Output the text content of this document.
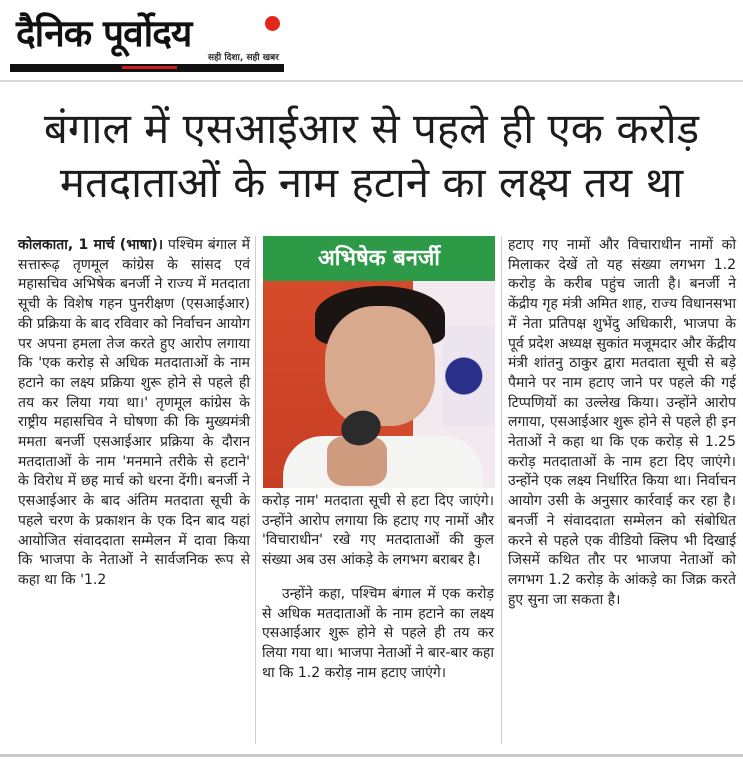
दैनिक पूर्वोदय
सही दिशा, सही खबर
बंगाल में एसआईआर से पहले ही एक करोड़
मतदाताओं के नाम हटाने का लक्ष्य तय था

कोलकाता, 1 मार्च (भाषा)। पश्चिम बंगाल में सत्तारूढ़ तृणमूल कांग्रेस के सांसद एवं महासचिव अभिषेक बनर्जी ने राज्य में मतदाता सूची के विशेष गहन पुनरीक्षण (एसआईआर) की प्रक्रिया के बाद रविवार को निर्वाचन आयोग पर अपना हमला तेज करते हुए आरोप लगाया कि 'एक करोड़ से अधिक मतदाताओं के नाम हटाने का लक्ष्य प्रक्रिया शुरू होने से पहले ही तय कर लिया गया था।' तृणमूल कांग्रेस के राष्ट्रीय महासचिव ने घोषणा की कि मुख्यमंत्री ममता बनर्जी एसआईआर प्रक्रिया के दौरान मतदाताओं के नाम 'मनमाने तरीके से हटाने' के विरोध में छह मार्च को धरना देंगी। बनर्जी ने एसआईआर के बाद अंतिम मतदाता सूची के पहले चरण के प्रकाशन के एक दिन बाद यहां आयोजित संवाददाता सम्मेलन में दावा किया कि भाजपा के नेताओं ने सार्वजनिक रूप से कहा था कि '1.2

अभिषेक बनर्जी

करोड़ नाम' मतदाता सूची से हटा दिए जाएंगे। उन्होंने आरोप लगाया कि हटाए गए नामों और 'विचाराधीन' रखे गए मतदाताओं की कुल संख्या अब उस आंकड़े के लगभग बराबर है।

उन्होंने कहा, पश्चिम बंगाल में एक करोड़ से अधिक मतदाताओं के नाम हटाने का लक्ष्य एसआईआर शुरू होने से पहले ही तय कर लिया गया था। भाजपा नेताओं ने बार-बार कहा था कि 1.2 करोड़ नाम हटाए जाएंगे।

हटाए गए नामों और विचाराधीन नामों को मिलाकर देखें तो यह संख्या लगभग 1.2 करोड़ के करीब पहुंच जाती है। बनर्जी ने केंद्रीय गृह मंत्री अमित शाह, राज्य विधानसभा में नेता प्रतिपक्ष शुभेंदु अधिकारी, भाजपा के पूर्व प्रदेश अध्यक्ष सुकांत मजूमदार और केंद्रीय मंत्री शांतनु ठाकुर द्वारा मतदाता सूची से बड़े पैमाने पर नाम हटाए जाने पर पहले की गई टिप्पणियों का उल्लेख किया। उन्होंने आरोप लगाया, एसआईआर शुरू होने से पहले ही इन नेताओं ने कहा था कि एक करोड़ से 1.25 करोड़ मतदाताओं के नाम हटा दिए जाएंगे। उन्होंने एक लक्ष्य निर्धारित किया था। निर्वाचन आयोग उसी के अनुसार कार्रवाई कर रहा है। बनर्जी ने संवाददाता सम्मेलन को संबोधित करने से पहले एक वीडियो क्लिप भी दिखाई जिसमें कथित तौर पर भाजपा नेताओं को लगभग 1.2 करोड़ के आंकड़े का जिक्र करते हुए सुना जा सकता है।
